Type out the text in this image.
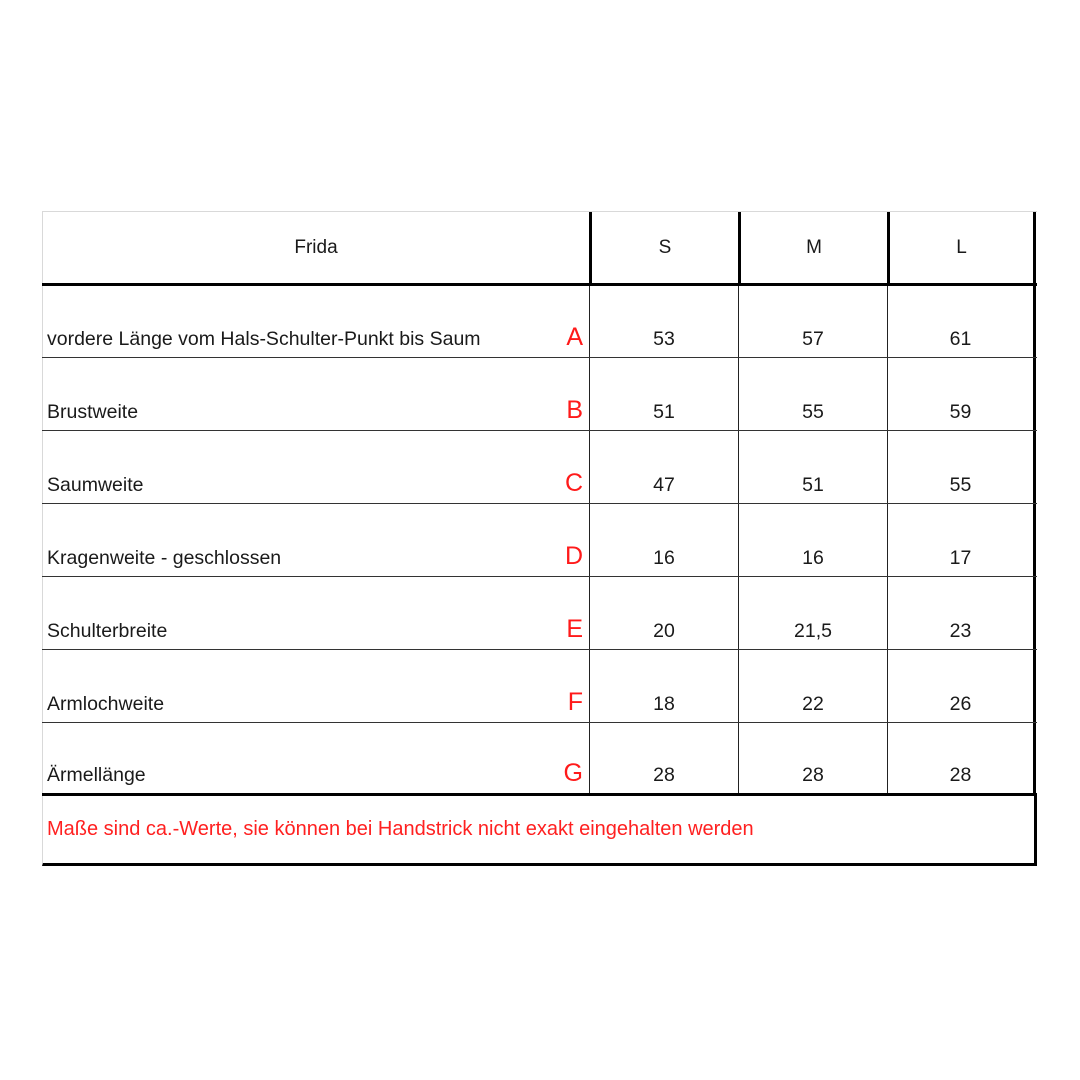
Frida	S	M	L
vordere Länge vom Hals-Schulter-Punkt bis Saum	A	53	57	61
Brustweite	B	51	55	59
Saumweite	C	47	51	55
Kragenweite - geschlossen	D	16	16	17
Schulterbreite	E	20	21,5	23
Armlochweite	F	18	22	26
Ärmellänge	G	28	28	28
Maße sind ca.-Werte, sie können bei Handstrick nicht exakt eingehalten werden
